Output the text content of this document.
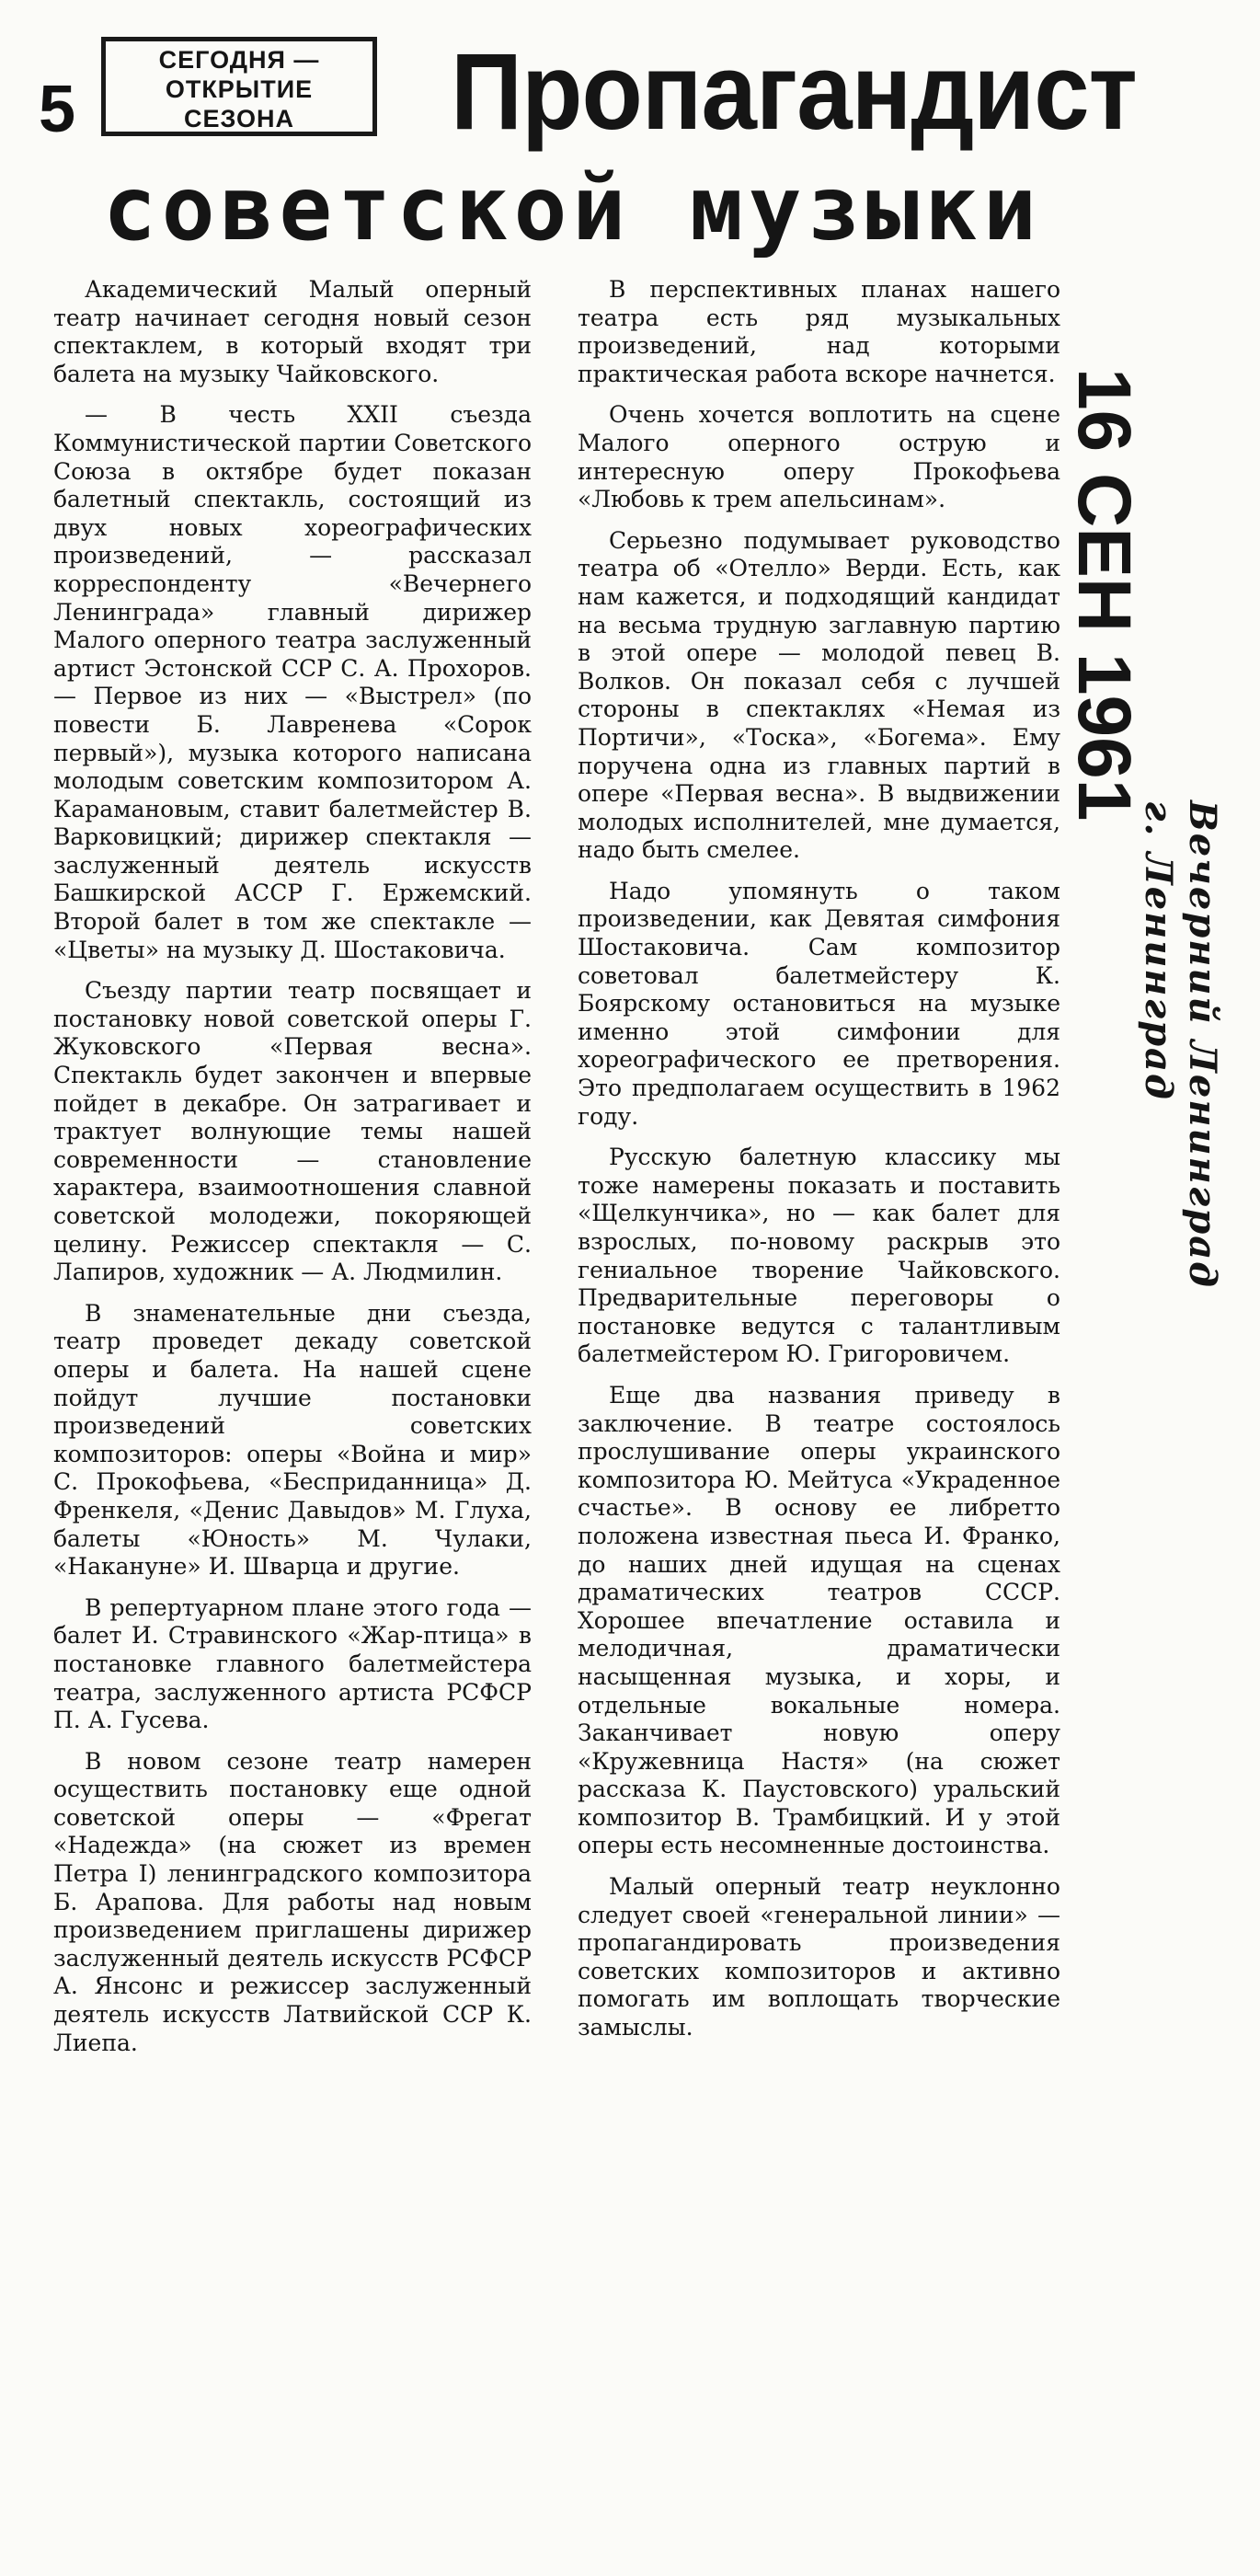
5
СЕГОДНЯ —
ОТКРЫТИЕ
СЕЗОНА	Пропагандист
советской музыки

Академический Малый оперный театр начинает сегодня новый сезон спектаклем, в который входят три балета на музыку Чайковского.

— В честь XXII съезда Коммунистической партии Советского Союза в октябре будет показан балетный спектакль, состоящий из двух новых хореографических произведений, — рассказал корреспонденту «Вечернего Ленинграда» главный дирижер Малого оперного театра заслуженный артист Эстонской ССР С. А. Прохоров. — Первое из них — «Выстрел» (по повести Б. Лавренева «Сорок первый»), музыка которого написана молодым советским композитором А. Карамановым, ставит балетмейстер В. Варковицкий; дирижер спектакля — заслуженный деятель искусств Башкирской АССР Г. Ержемский. Второй балет в том же спектакле — «Цветы» на музыку Д. Шостаковича.

Съезду партии театр посвящает и постановку новой советской оперы Г. Жуковского «Первая весна». Спектакль будет закончен и впервые пойдет в декабре. Он затрагивает и трактует волнующие темы нашей современности — становление характера, взаимоотношения славной советской молодежи, покоряющей целину. Режиссер спектакля — С. Лапиров, художник — А. Людмилин.

В знаменательные дни съезда, театр проведет декаду советской оперы и балета. На нашей сцене пойдут лучшие постановки произведений советских композиторов: оперы «Война и мир» С. Прокофьева, «Бесприданница» Д. Френкеля, «Денис Давыдов» М. Глуха, балеты «Юность» М. Чулаки, «Накануне» И. Шварца и другие.

В репертуарном плане этого года — балет И. Стравинского «Жар-птица» в постановке главного балетмейстера театра, заслуженного артиста РСФСР П. А. Гусева.

В новом сезоне театр намерен осуществить постановку еще одной советской оперы — «Фрегат «Надежда» (на сюжет из времен Петра I) ленинградского композитора Б. Арапова. Для работы над новым произведением приглашены дирижер заслуженный деятель искусств РСФСР А. Янсонс и режиссер заслуженный деятель искусств Латвийской ССР К. Лиепа.

В перспективных планах нашего театра есть ряд музыкальных произведений, над которыми практическая работа вскоре начнется.

Очень хочется воплотить на сцене Малого оперного острую и интересную оперу Прокофьева «Любовь к трем апельсинам».

Серьезно подумывает руководство театра об «Отелло» Верди. Есть, как нам кажется, и подходящий кандидат на весьма трудную заглавную партию в этой опере — молодой певец В. Волков. Он показал себя с лучшей стороны в спектаклях «Немая из Портичи», «Тоска», «Богема». Ему поручена одна из главных партий в опере «Первая весна». В выдвижении молодых исполнителей, мне думается, надо быть смелее.

Надо упомянуть о таком произведении, как Девятая симфония Шостаковича. Сам композитор советовал балетмейстеру К. Боярскому остановиться на музыке именно этой симфонии для хореографического ее претворения. Это предполагаем осуществить в 1962 году.

Русскую балетную классику мы тоже намерены показать и поставить «Щелкунчика», но — как балет для взрослых, по-новому раскрыв это гениальное творение Чайковского. Предварительные переговоры о постановке ведутся с талантливым балетмейстером Ю. Григоровичем.

Еще два названия приведу в заключение. В театре состоялось прослушивание оперы украинского композитора Ю. Мейтуса «Украденное счастье». В основу ее либретто положена известная пьеса И. Франко, до наших дней идущая на сценах драматических театров СССР. Хорошее впечатление оставила и мелодичная, драматически насыщенная музыка, и хоры, и отдельные вокальные номера. Заканчивает новую оперу «Кружевница Настя» (на сюжет рассказа К. Паустовского) уральский композитор В. Трамбицкий. И у этой оперы есть несомненные достоинства.

Малый оперный театр неуклонно следует своей «генеральной линии» — пропагандировать произведения советских композиторов и активно помогать им воплощать творческие замыслы.

16 СЕН 1961
Вечерний Ленинград
г. Ленинград
